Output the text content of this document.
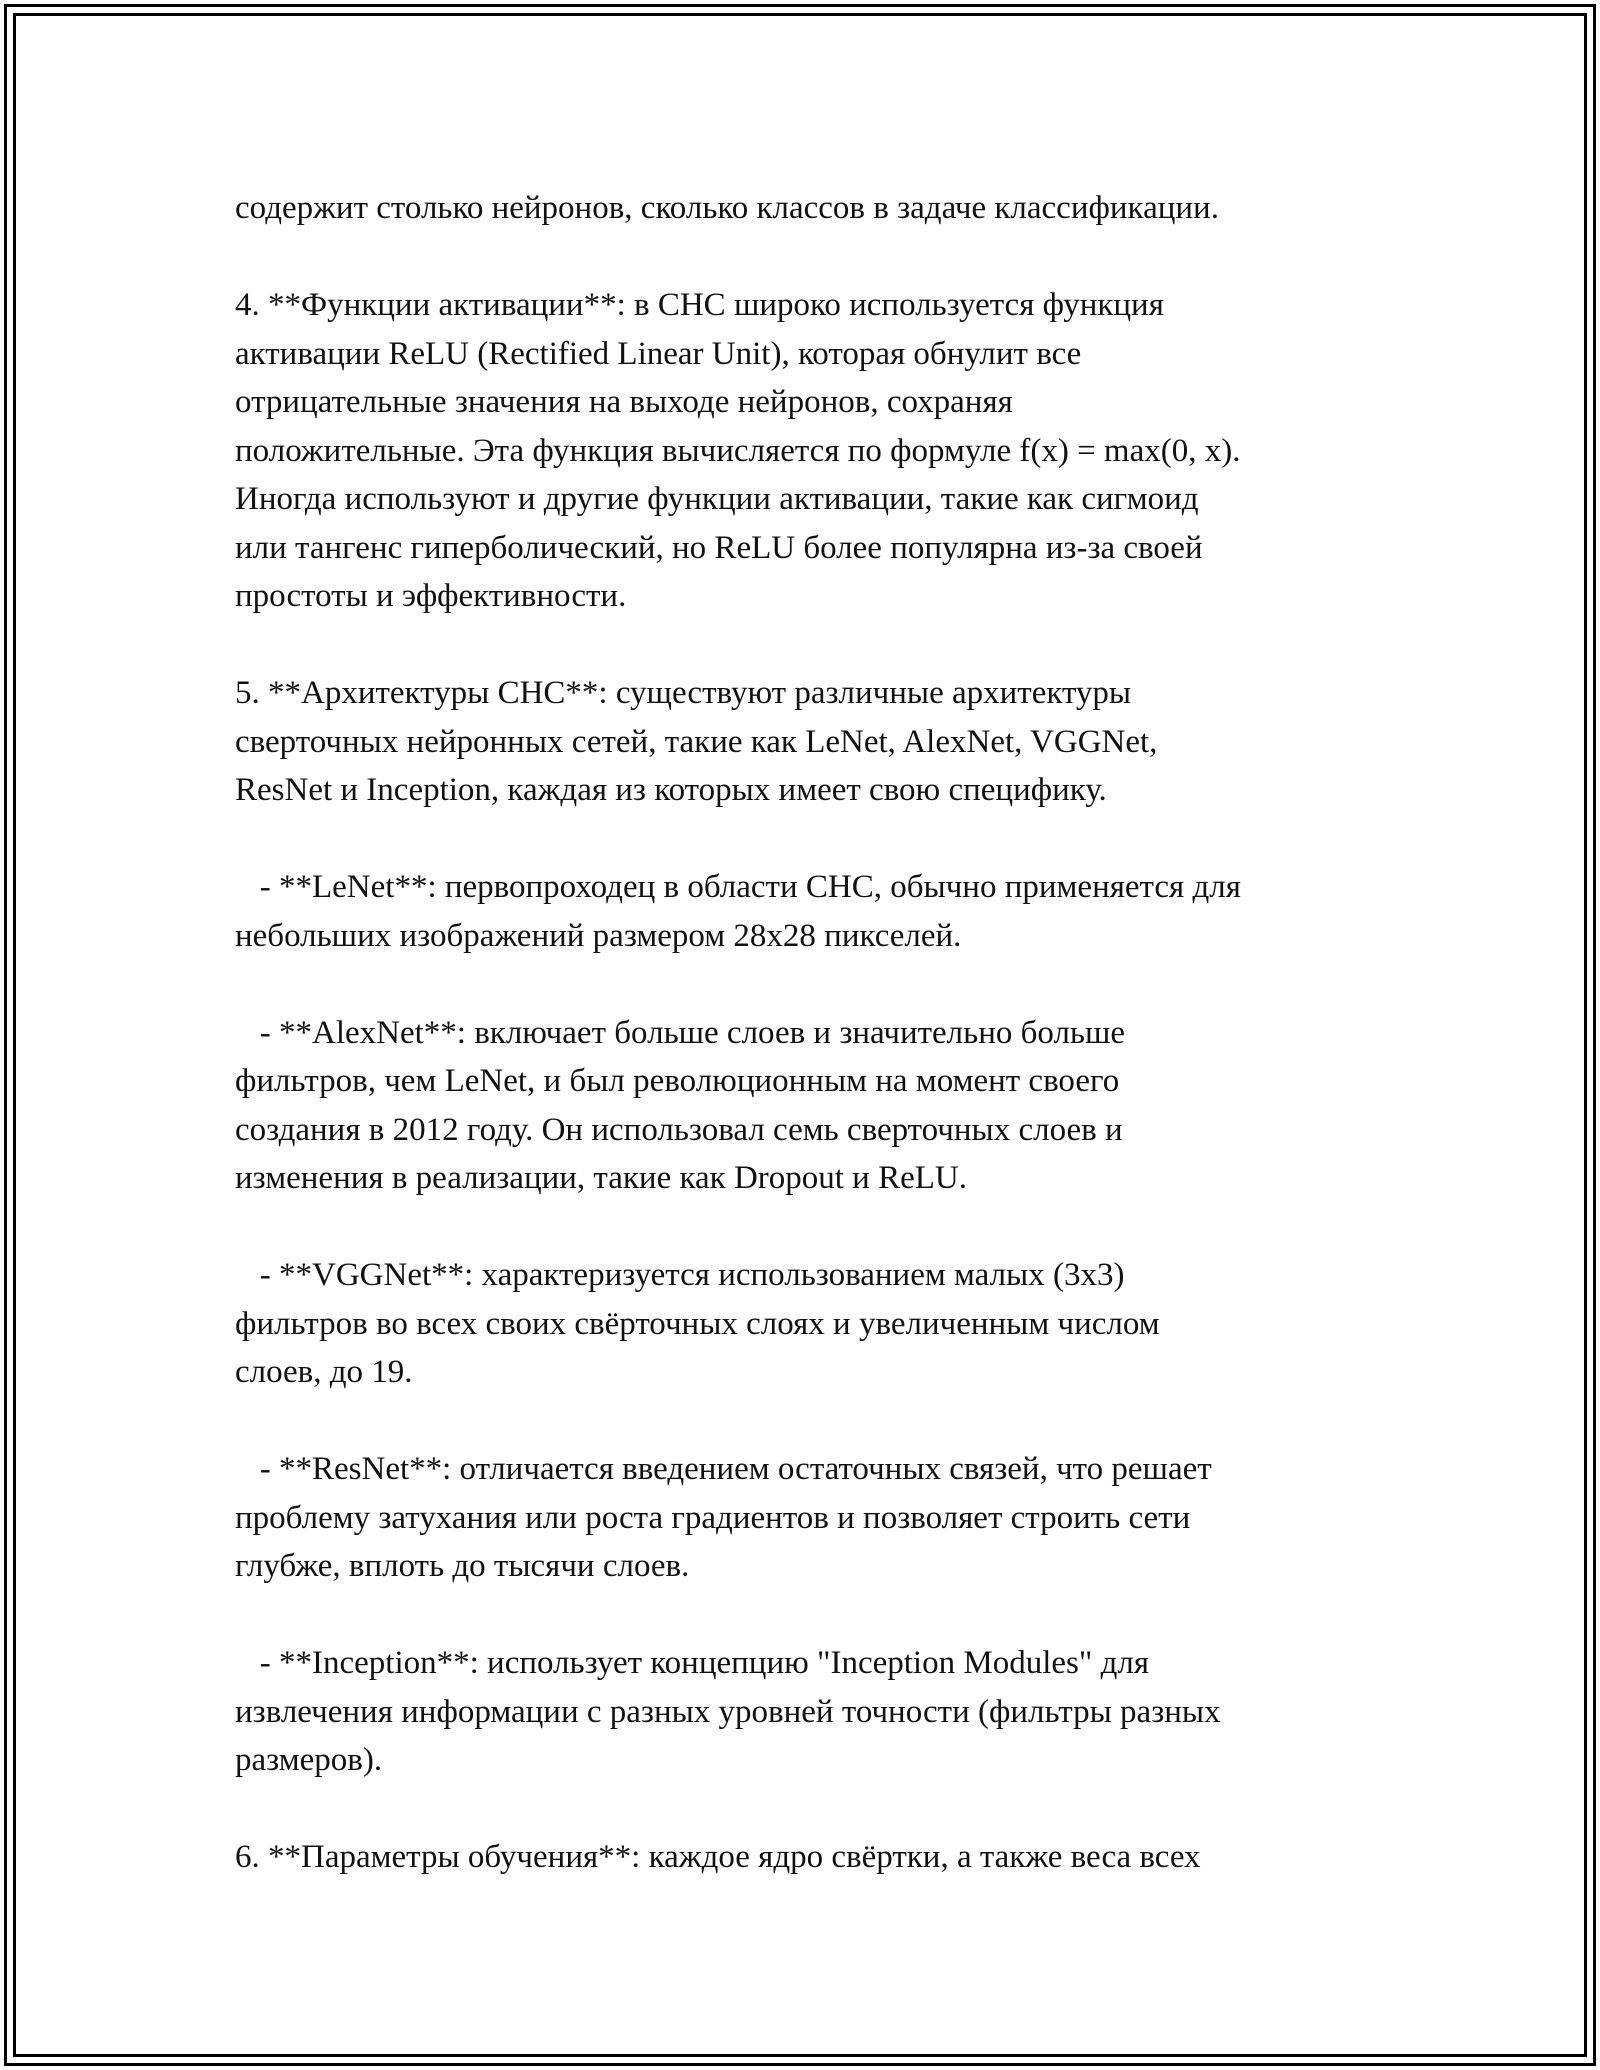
содержит столько нейронов, сколько классов в задаче классификации.
4. **Функции активации**: в СНС широко используется функция
активации ReLU (Rectified Linear Unit), которая обнулит все
отрицательные значения на выходе нейронов, сохраняя
положительные. Эта функция вычисляется по формуле f(x) = max(0, x).
Иногда используют и другие функции активации, такие как сигмоид
или тангенс гиперболический, но ReLU более популярна из-за своей
простоты и эффективности.
5. **Архитектуры СНС**: существуют различные архитектуры
сверточных нейронных сетей, такие как LeNet, AlexNet, VGGNet,
ResNet и Inception, каждая из которых имеет свою специфику.
- **LeNet**: первопроходец в области СНС, обычно применяется для
небольших изображений размером 28x28 пикселей.
- **AlexNet**: включает больше слоев и значительно больше
фильтров, чем LeNet, и был революционным на момент своего
создания в 2012 году. Он использовал семь сверточных слоев и
изменения в реализации, такие как Dropout и ReLU.
- **VGGNet**: характеризуется использованием малых (3x3)
фильтров во всех своих свёрточных слоях и увеличенным числом
слоев, до 19.
- **ResNet**: отличается введением остаточных связей, что решает
проблему затухания или роста градиентов и позволяет строить сети
глубже, вплоть до тысячи слоев.
- **Inception**: использует концепцию "Inception Modules" для
извлечения информации с разных уровней точности (фильтры разных
размеров).
6. **Параметры обучения**: каждое ядро свёртки, а также веса всех
